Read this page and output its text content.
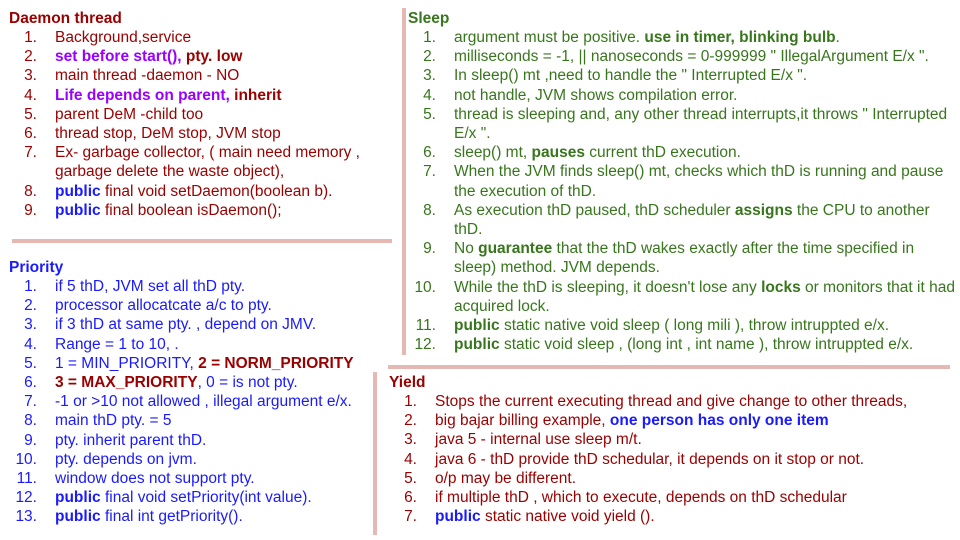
Daemon thread
1. Background,service
2. set before start(), pty. low
3. main thread -daemon - NO
4. Life depends on parent, inherit
5. parent DeM -child too
6. thread stop, DeM stop, JVM stop
7. Ex- garbage collector, ( main need memory , garbage delete the waste object),
8. public final void setDaemon(boolean b).
9. public final boolean isDaemon();
Priority
1. if 5 thD, JVM set all thD pty.
2. processor allocatcate a/c to pty.
3. if 3 thD at same pty. , depend on JMV.
4. Range = 1 to 10, .
5. 1 = MIN_PRIORITY, 2 = NORM_PRIORITY
6. 3 = MAX_PRIORITY, 0 = is not pty.
7. -1 or >10 not allowed , illegal argument e/x.
8. main thD pty. = 5
9. pty. inherit parent thD.
10. pty. depends on jvm.
11. window does not support pty.
12. public final void setPriority(int value).
13. public final int getPriority().
Sleep
1. argument must be positive. use in timer, blinking bulb.
2. milliseconds = -1, || nanoseconds = 0-999999 " IllegalArgument E/x ".
3. In sleep() mt ,need to handle the " Interrupted E/x ".
4. not handle, JVM shows compilation error.
5. thread is sleeping and, any other thread interrupts,it throws " Interrupted E/x ".
6. sleep() mt, pauses current thD execution.
7. When the JVM finds sleep() mt, checks which thD is running and pause the execution of thD.
8. As execution thD paused, thD scheduler assigns the CPU to another thD.
9. No guarantee that the thD wakes exactly after the time specified in sleep) method. JVM depends.
10. While the thD is sleeping, it doesn't lose any locks or monitors that it had acquired lock.
11. public static native void sleep ( long mili ), throw intruppted e/x.
12. public static void sleep , (long int , int name ), throw intruppted e/x.
Yield
1. Stops the current executing thread and give change to other threads,
2. big bajar billing example, one person has only one item
3. java 5 - internal use sleep m/t.
4. java 6 - thD provide thD schedular, it depends on it stop or not.
5. o/p may be different.
6. if multiple thD , which to execute, depends on thD schedular
7. public static native void yield ().
